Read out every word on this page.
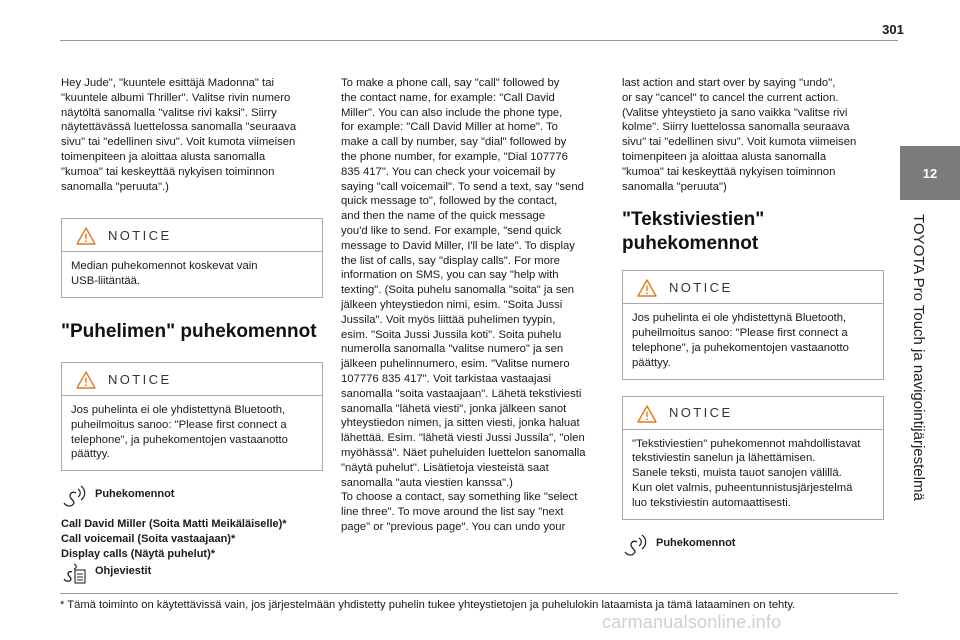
301
12
TOYOTA Pro Touch ja navigointijärjestelmä

Hey Jude", "kuuntele esittäjä Madonna" tai
"kuuntele albumi Thriller". Valitse rivin numero
näytöltä sanomalla "valitse rivi kaksi". Siirry
näytettävässä luettelossa sanomalla "seuraava
sivu" tai "edellinen sivu". Voit kumota viimeisen
toimenpiteen ja aloittaa alusta sanomalla
"kumoa" tai keskeyttää nykyisen toiminnon
sanomalla "peruuta".)

NOTICE
Median puhekomennot koskevat vain
USB-liitäntää.
"Puhelimen" puhekomennot
NOTICE
Jos puhelinta ei ole yhdistettynä Bluetooth,
puheilmoitus sanoo: "Please first connect a
telephone", ja puhekomentojen vastaanotto
päättyy.
Puhekomennot
Call David Miller (Soita Matti Meikäläiselle)*
Call voicemail (Soita vastaajaan)*
Display calls (Näytä puhelut)*
Ohjeviestit

To make a phone call, say "call" followed by
the contact name, for example: "Call David
Miller". You can also include the phone type,
for example: "Call David Miller at home". To
make a call by number, say "dial" followed by
the phone number, for example, "Dial 107776
835 417". You can check your voicemail by
saying "call voicemail". To send a text, say "send
quick message to", followed by the contact,
and then the name of the quick message
you'd like to send. For example, "send quick
message to David Miller, I'll be late". To display
the list of calls, say "display calls". For more
information on SMS, you can say "help with
texting". (Soita puhelu sanomalla "soita" ja sen
jälkeen yhteystiedon nimi, esim. "Soita Jussi
Jussila". Voit myös liittää puhelimen tyypin,
esim. "Soita Jussi Jussila koti". Soita puhelu
numerolla sanomalla "valitse numero" ja sen
jälkeen puhelinnumero, esim. "Valitse numero
107776 835 417". Voit tarkistaa vastaajasi
sanomalla "soita vastaajaan". Lähetä tekstiviesti
sanomalla "lähetä viesti", jonka jälkeen sanot
yhteystiedon nimen, ja sitten viesti, jonka haluat
lähettää. Esim. "lähetä viesti Jussi Jussila", "olen
myöhässä". Näet puheluiden luettelon sanomalla
"näytä puhelut". Lisätietoja viesteistä saat
sanomalla "auta viestien kanssa".)
To choose a contact, say something like "select
line three". To move around the list say "next
page" or "previous page". You can undo your

last action and start over by saying "undo",
or say "cancel" to cancel the current action.
(Valitse yhteystieto ja sano vaikka "valitse rivi
kolme". Siirry luettelossa sanomalla seuraava
sivu" tai "edellinen sivu". Voit kumota viimeisen
toimenpiteen ja aloittaa alusta sanomalla
"kumoa" tai keskeyttää nykyisen toiminnon
sanomalla "peruuta")

"Tekstiviestien"
puhekomennot
NOTICE
Jos puhelinta ei ole yhdistettynä Bluetooth,
puheilmoitus sanoo: "Please first connect a
telephone", ja puhekomentojen vastaanotto
päättyy.
NOTICE
"Tekstiviestien" puhekomennot mahdollistavat
tekstiviestin sanelun ja lähettämisen.
Sanele teksti, muista tauot sanojen välillä.
Kun olet valmis, puheentunnistusjärjestelmä
luo tekstiviestin automaattisesti.
Puhekomennot
* Tämä toiminto on käytettävissä vain, jos järjestelmään yhdistetty puhelin tukee yhteystietojen ja puhelulokin lataamista ja tämä lataaminen on tehty.
carmanualsonline.info
